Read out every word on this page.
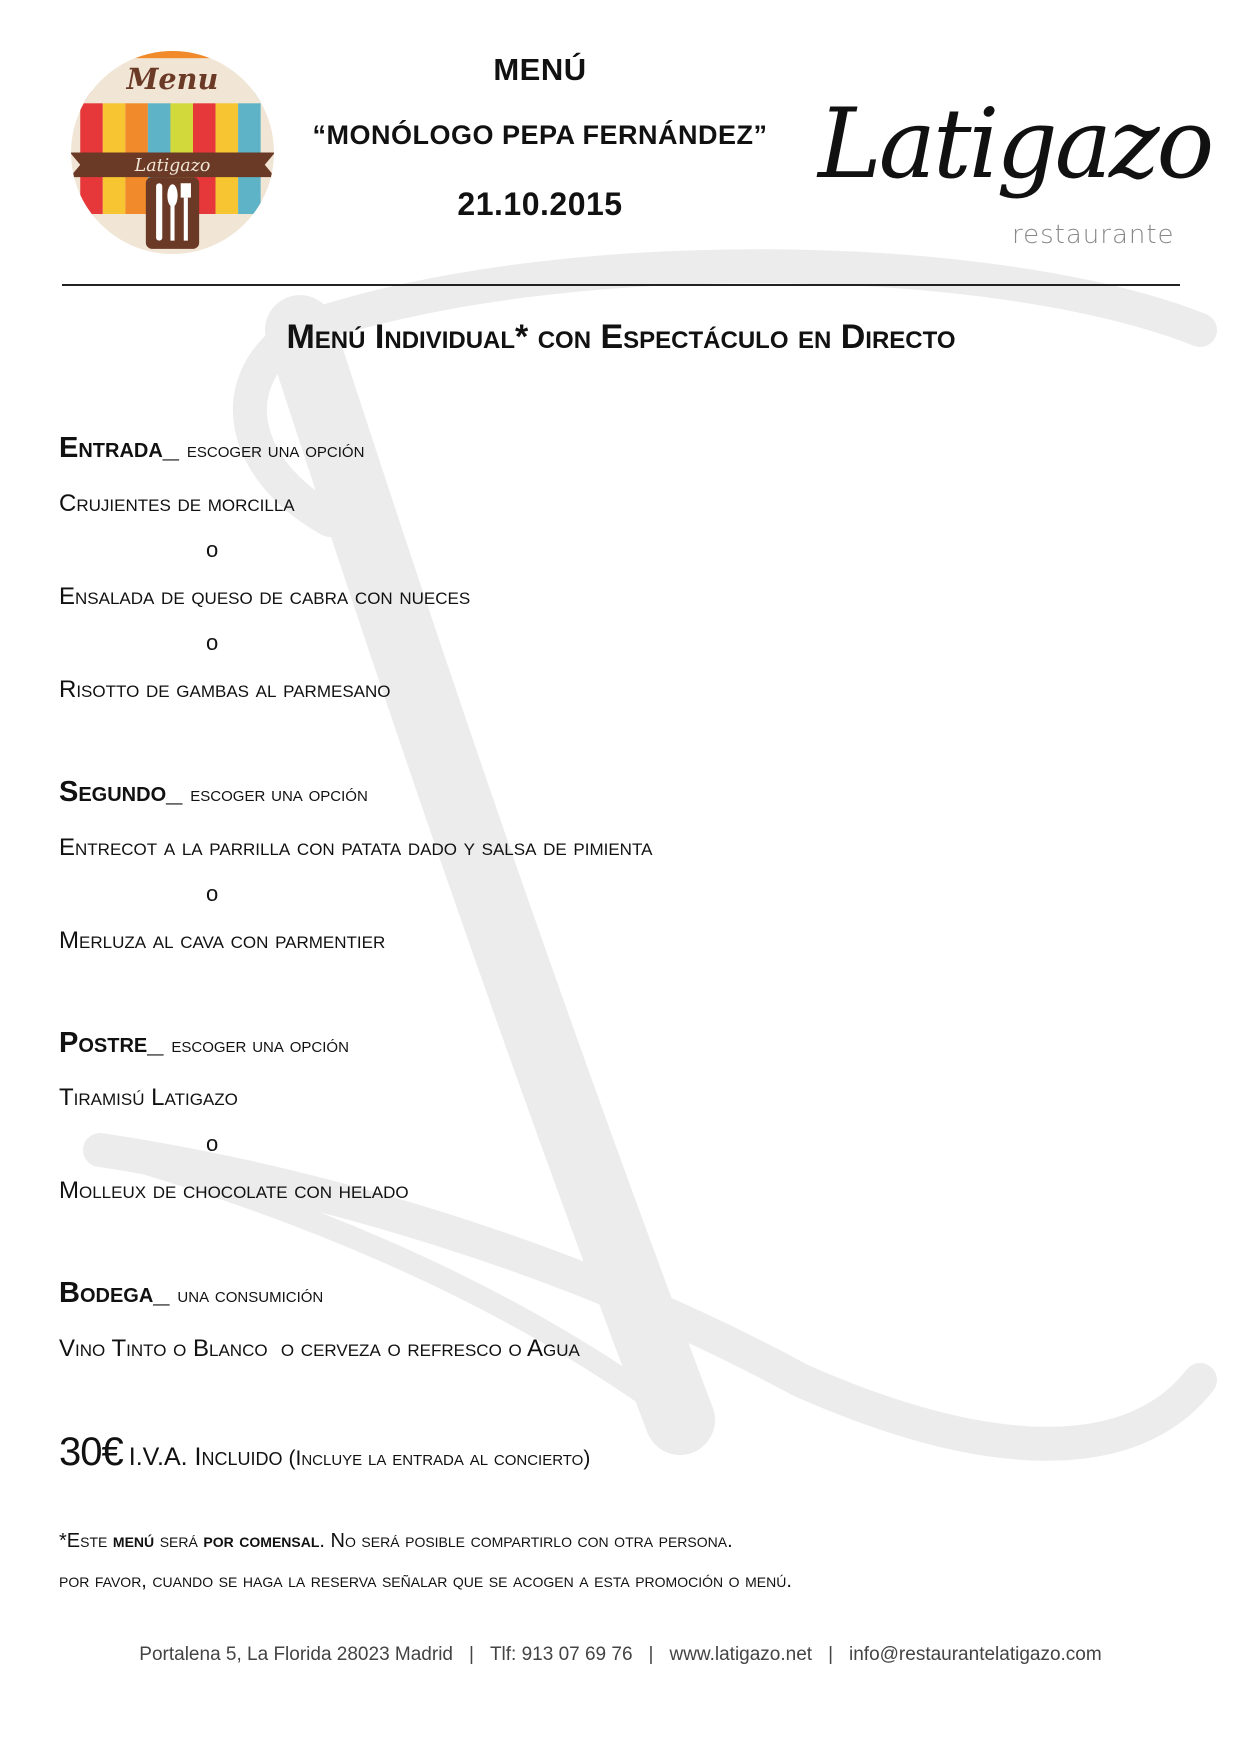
Menu
Latigazo
MENÚ
“MONÓLOGO PEPA FERNÁNDEZ”
21.10.2015
Latigazo
restaurante
Menú Individual* con Espectáculo en Directo
Entrada_ escoger una opción
Crujientes de morcilla
o
Ensalada de queso de cabra con nueces
o
Risotto de gambas al parmesano
Segundo_ escoger una opción
Entrecot a la parrilla con patata dado y salsa de pimienta
o
Merluza al cava con parmentier
Postre_ escoger una opción
Tiramisú Latigazo
o
Molleux de chocolate con helado
Bodega_ una consumición
Vino Tinto o Blanco  o cerveza o refresco o Agua
30€ I.V.A. Incluido (Incluye la entrada al concierto)
*Este menú será por comensal. No será posible compartirlo con otra persona.
por favor, cuando se haga la reserva señalar que se acogen a esta promoción o menú.
Portalena 5, La Florida 28023 Madrid | Tlf: 913 07 69 76 | www.latigazo.net | info@restaurantelatigazo.com
